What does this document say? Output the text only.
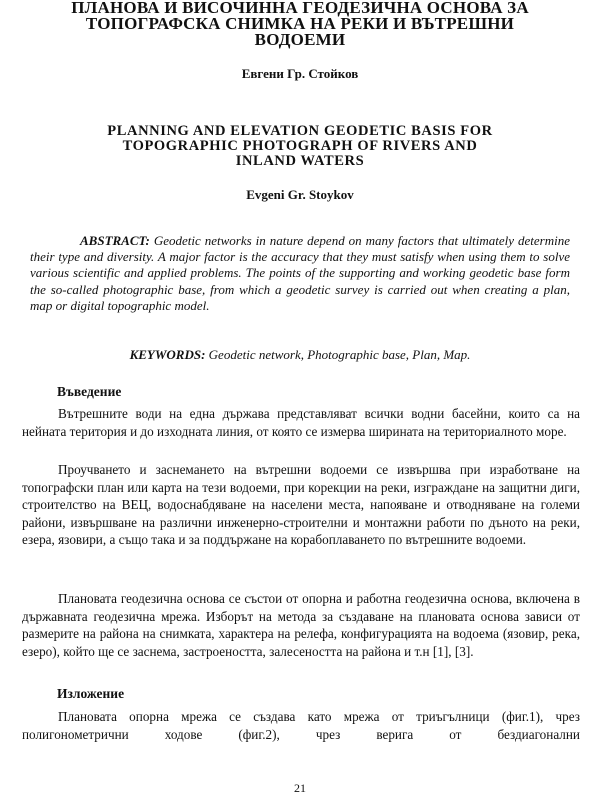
ПЛАНОВА И ВИСОЧИННА ГЕОДЕЗИЧНА ОСНОВА ЗА
ТОПОГРАФСКА СНИМКА НА РЕКИ И ВЪТРЕШНИ
ВОДОЕМИ
Евгени Гр. Стойков
PLANNING AND ELEVATION GEODETIC BASIS FOR
TOPOGRAPHIC PHOTOGRAPH OF RIVERS AND
INLAND WATERS
Evgeni Gr. Stoykov

ABSTRACT: Geodetic networks in nature depend on many factors that ultimately determine their type and diversity. A major factor is the accuracy that they must satisfy when using them to solve various scientific and applied problems. The points of the supporting and working geodetic base form the so-called photographic base, from which a geodetic survey is carried out when creating a plan, map or digital topographic model.

KEYWORDS: Geodetic network, Photographic base, Plan, Map.

Въведение

Вътрешните води на една държава представляват всички водни басейни, които са на нейната територия и до изходната линия, от която се измерва ширината на териториалното море.

Проучването и заснемането на вътрешни водоеми се извършва при изработване на топографски план или карта на тези водоеми, при корекции на реки, изграждане на защитни диги, строителство на ВЕЦ, водоснабдяване на населени места, напояване и отводняване на големи райони, извършване на различни инженерно-строителни и монтажни работи по дъното на реки, езера, язовири, а също така и за поддържане на корабоплаването по вътрешните водоеми.

Плановата геодезична основа се състои от опорна и работна геодезична основа, включена в държавната геодезична мрежа. Изборът на метода за създаване на плановата основа зависи от размерите на района на снимката, характера на релефа, конфигурацията на водоема (язовир, река, езеро), който ще се заснема, застроеността, залесеността на района и т.н [1], [3].

Изложение

Плановата опорна мрежа се създава като мрежа от триъгълници (фиг.1), чрез полигонометрични ходове (фиг.2), чрез верига от бездиагонални

21
